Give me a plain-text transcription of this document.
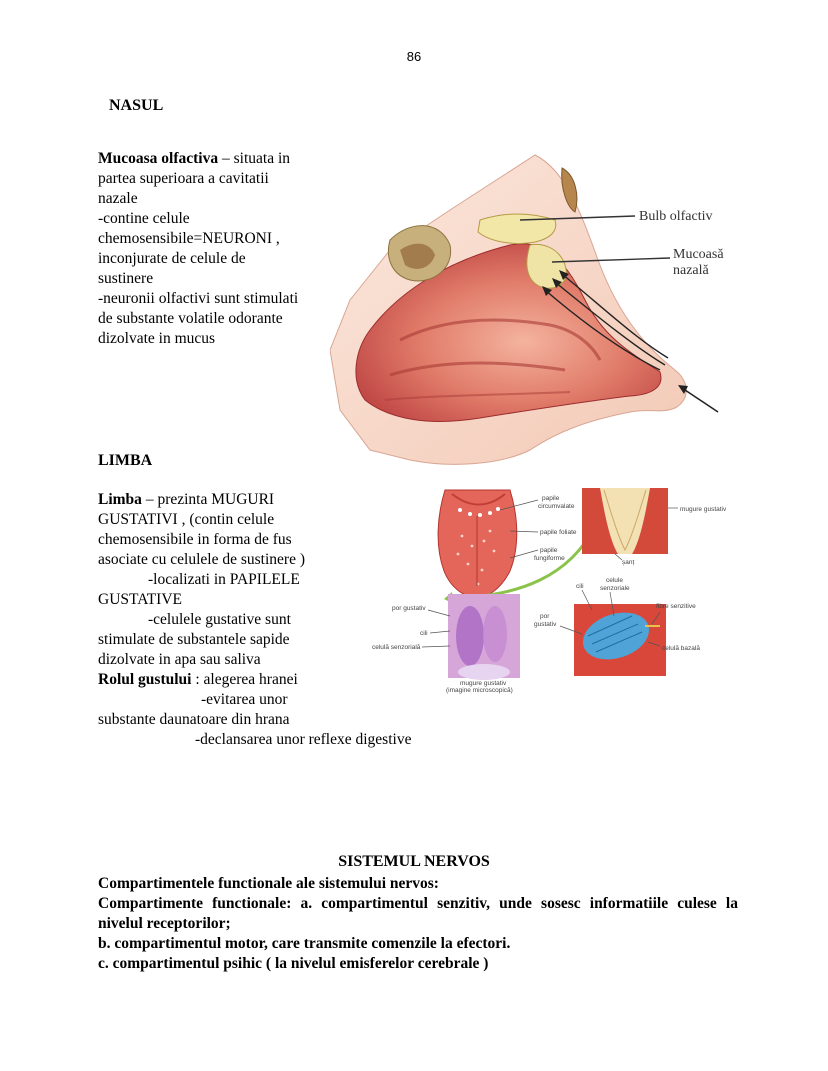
86
NASUL
Mucoasa olfactiva – situata in
partea superioara a cavitatii
nazale
-contine celule
chemosensibile=NEURONI ,
inconjurate de celule de
sustinere
-neuronii olfactivi sunt stimulati
de substante volatile odorante
dizolvate in mucus
Bulb olfactiv
Mucoasă
nazală
LIMBA
Limba – prezinta MUGURI
GUSTATIVI , (contin celule
chemosensibile in forma de fus
asociate cu celulele de sustinere )
-localizati in PAPILELE
GUSTATIVE
-celulele gustative sunt
stimulate de substantele sapide
dizolvate in apa sau saliva
Rolul gustului : alegerea hranei
-evitarea unor
substante daunatoare din hrana
-declansarea unor reflexe digestive
papile
circumvalate
papile foliate
papile
fungiforme
mugure gustativ
șanț
por gustativ
cili
celulă senzorială
mugure gustativ
(imagine microscopică)
cili
celule
senzoriale
por
gustativ
fibre senzitive
celulă bazală
SISTEMUL NERVOS
Compartimentele functionale ale sistemului nervos:
Compartimente functionale: a. compartimentul senzitiv, unde sosesc informatiile culese la
nivelul receptorilor;
b. compartimentul motor, care transmite comenzile la efectori.
c. compartimentul psihic ( la nivelul emisferelor cerebrale )
